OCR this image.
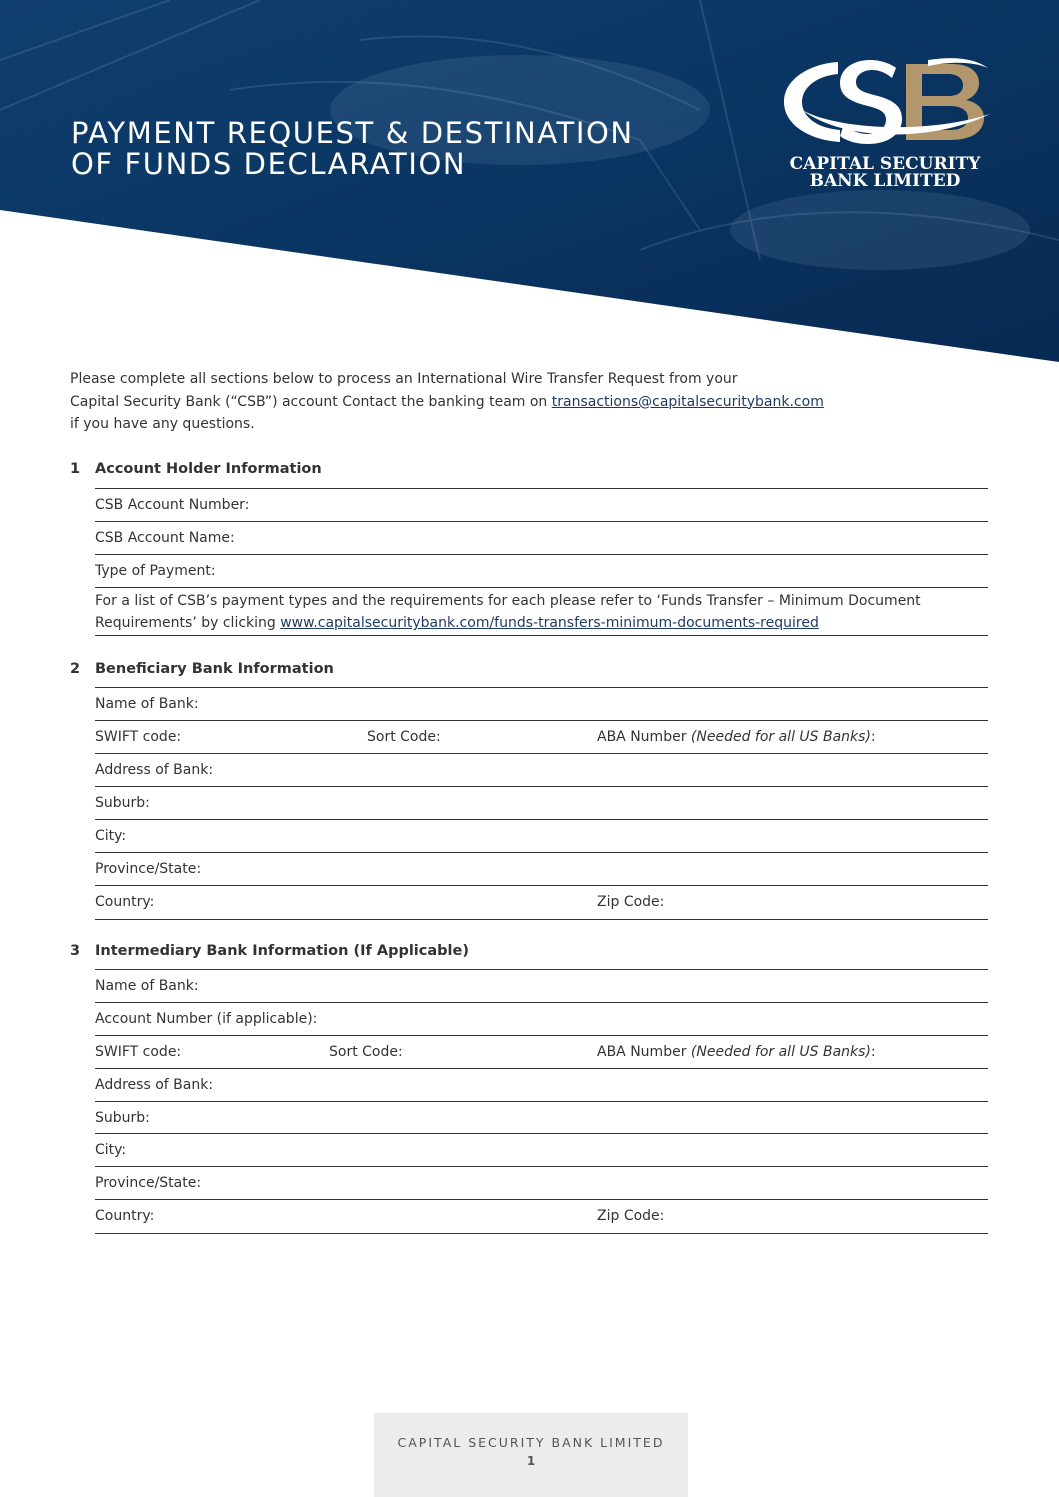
PAYMENT REQUEST & DESTINATION
OF FUNDS DECLARATION	CAPITAL SECURITY
BANK LIMITED
Please complete all sections below to process an International Wire Transfer Request from your
Capital Security Bank (“CSB”) account Contact the banking team on transactions@capitalsecuritybank.com
if you have any questions.
1 Account Holder Information
CSB Account Number:
CSB Account Name:
Type of Payment:

For a list of CSB’s payment types and the requirements for each please refer to ‘Funds Transfer – Minimum Document

Requirements’ by clicking www.capitalsecuritybank.com/funds-transfers-minimum-documents-required

2 Beneficiary Bank Information
Name of Bank:
SWIFT code:	Sort Code:	ABA Number (Needed for all US Banks):
Address of Bank:
Suburb:
City:
Province/State:
Country:	Zip Code:
3 Intermediary Bank Information (If Applicable)
Name of Bank:
Account Number (if applicable):
SWIFT code:	Sort Code:	ABA Number (Needed for all US Banks):
Address of Bank:
Suburb:
City:
Province/State:
Country:	Zip Code:
CAPITAL SECURITY BANK LIMITED
1
